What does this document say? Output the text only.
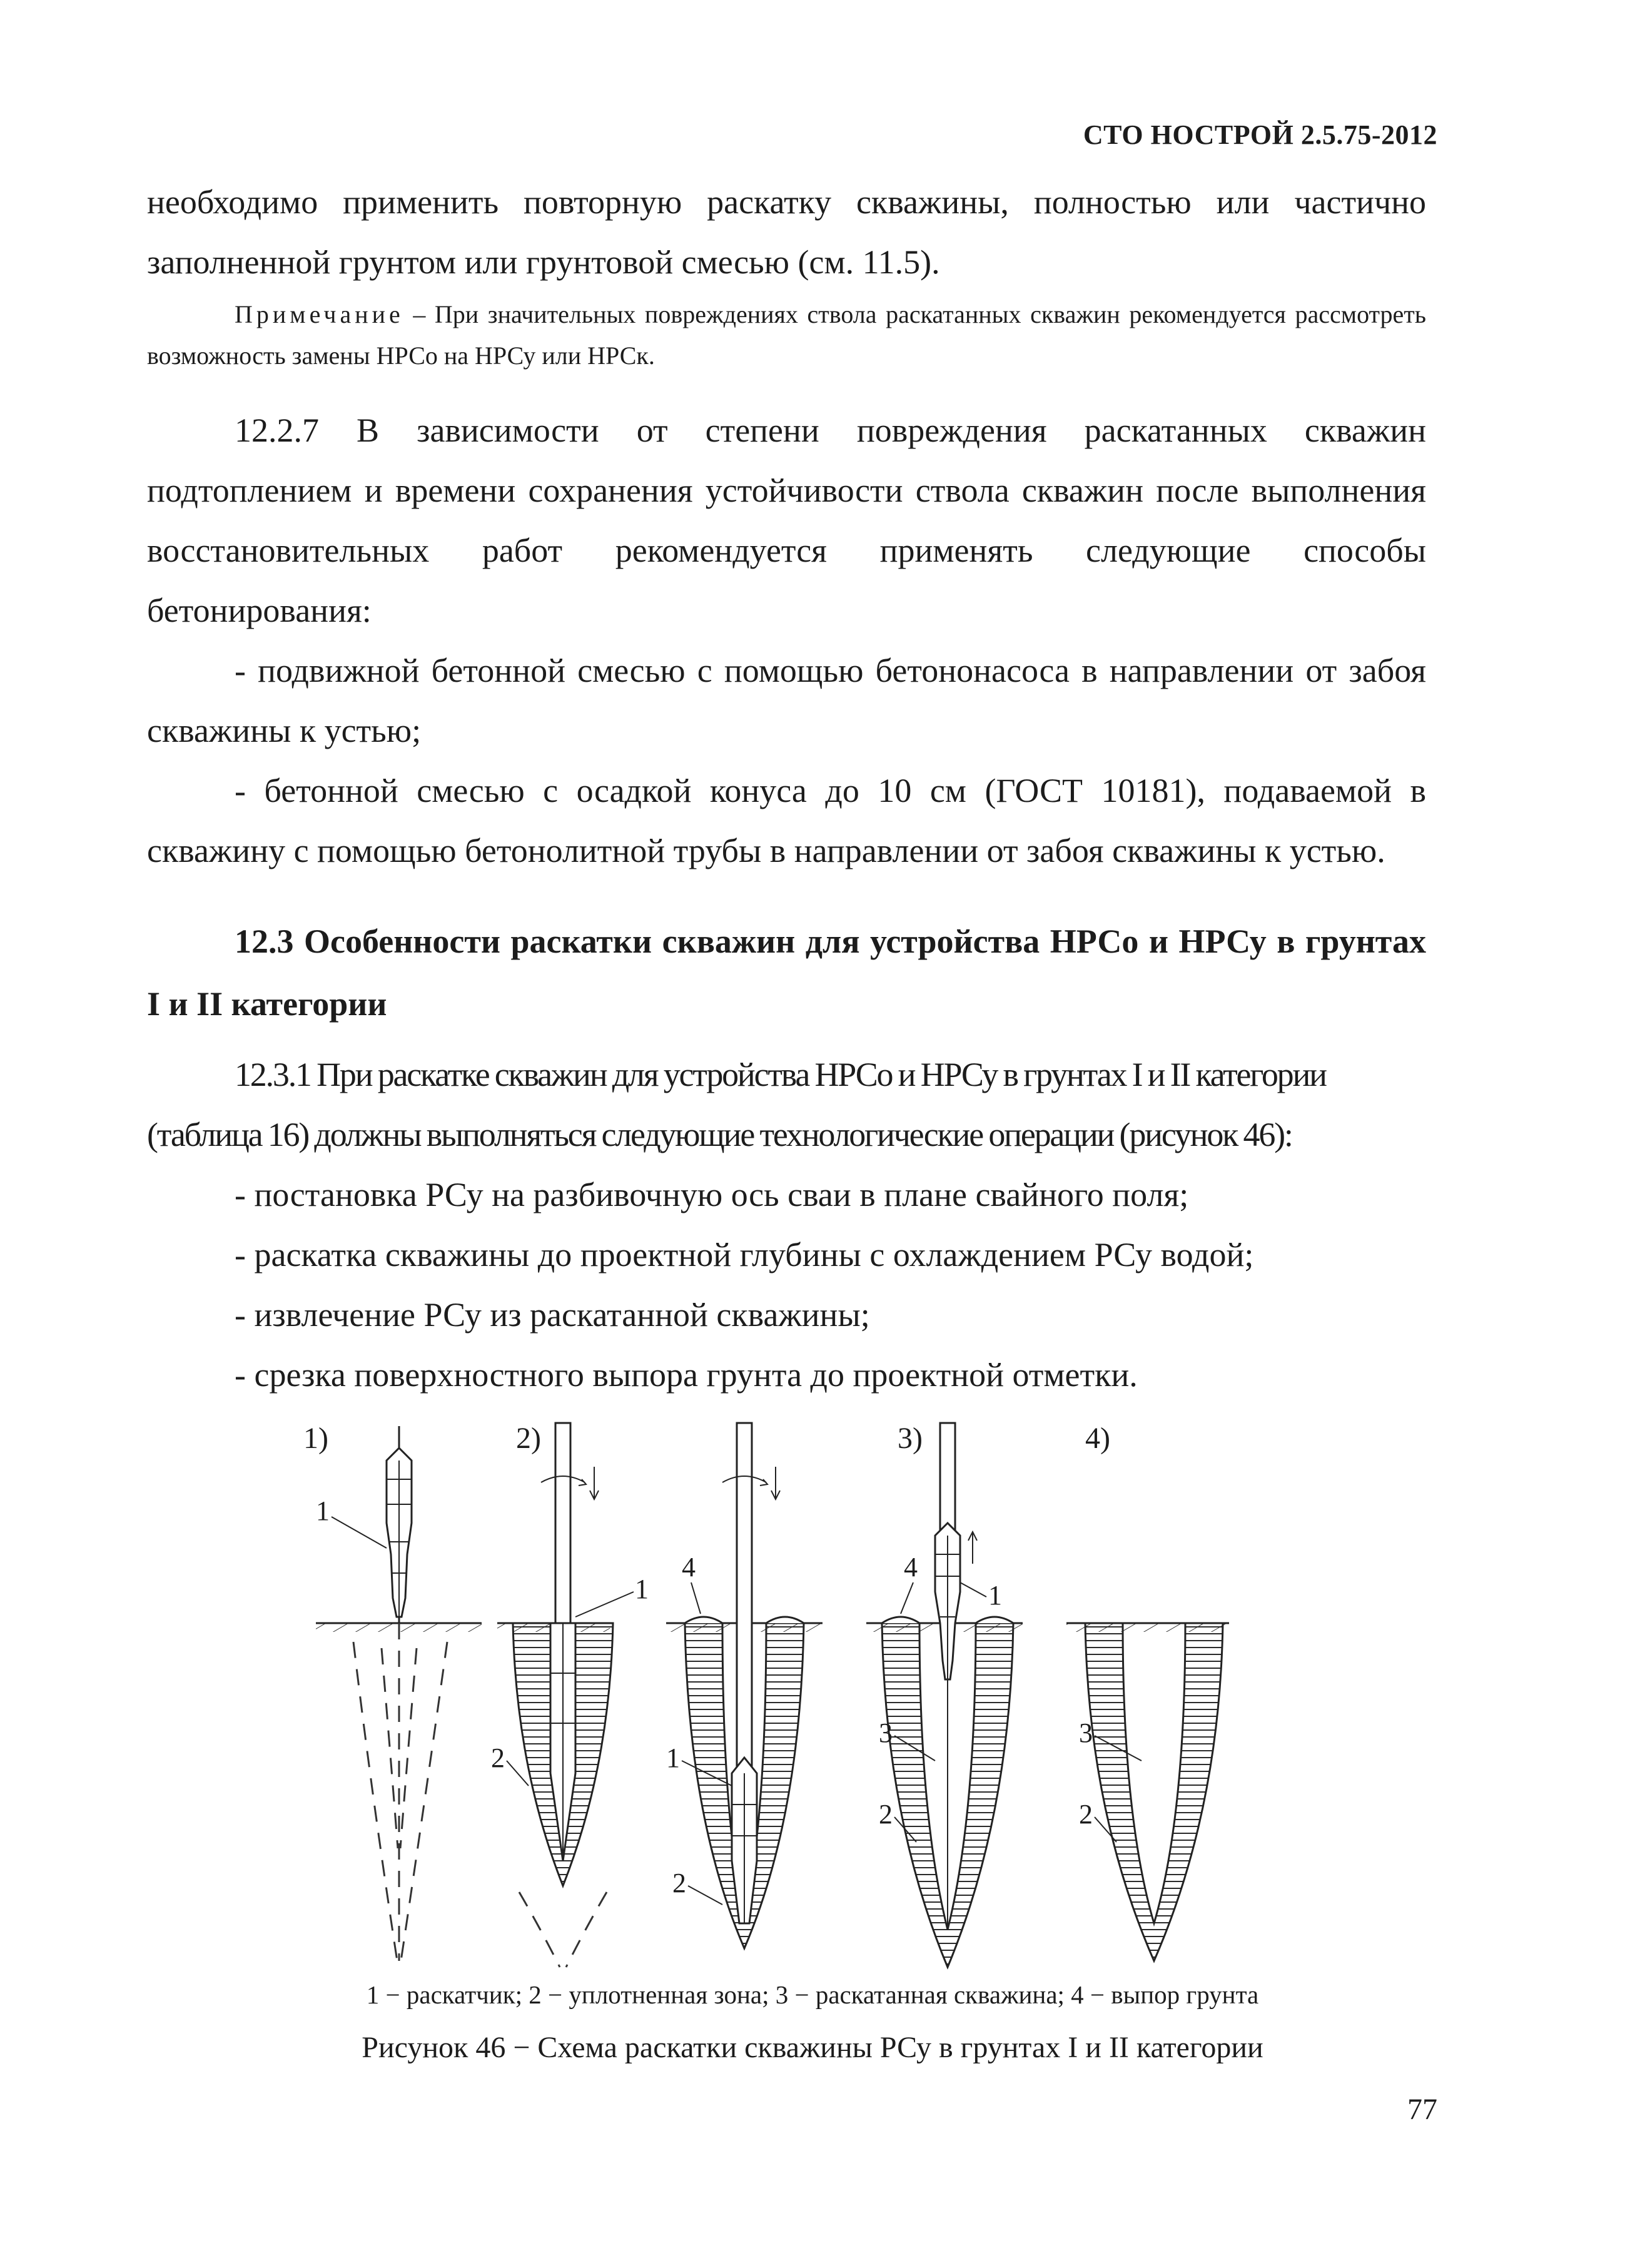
СТО НОСТРОЙ 2.5.75-2012

необходимо применить повторную раскатку скважины, полностью или частично

заполненной грунтом или грунтовой смесью (см. 11.5).

Примечание – При значительных повреждениях ствола раскатанных скважин рекомендуется рассмотреть возможность замены НРСо на НРСу или НРСк.

12.2.7 В зависимости от степени повреждения раскатанных скважин подтоплением и времени сохранения устойчивости ствола скважин после выполнения восстановительных работ рекомендуется применять следующие способы бетонирования:

- подвижной бетонной смесью с помощью бетононасоса в направлении от забоя скважины к устью;

- бетонной смесью с осадкой конуса до 10 см (ГОСТ 10181), подаваемой в скважину с помощью бетонолитной трубы в направлении от забоя скважины к устью.

12.3 Особенности раскатки скважин для устройства НРСо и НРСу в грунтах I и II категории

12.3.1 При раскатке скважин для устройства НРСо и НРСу в грунтах I и II категории

(таблица 16) должны выполняться следующие технологические операции (рисунок 46):

- постановка РСу на разбивочную ось сваи в плане свайного поля;

- раскатка скважины до проектной глубины с охлаждением РСу водой;

- извлечение РСу из раскатанной скважины;

- срезка поверхностного выпора грунта до проектной отметки.

1)
1
2)
1
2
4
1
2
3)
4
1
3
2
4)
3
2
1 − раскатчик; 2 − уплотненная зона; 3 − раскатанная скважина; 4 − выпор грунта
Рисунок 46 − Схема раскатки скважины РСу в грунтах I и II категории
77
